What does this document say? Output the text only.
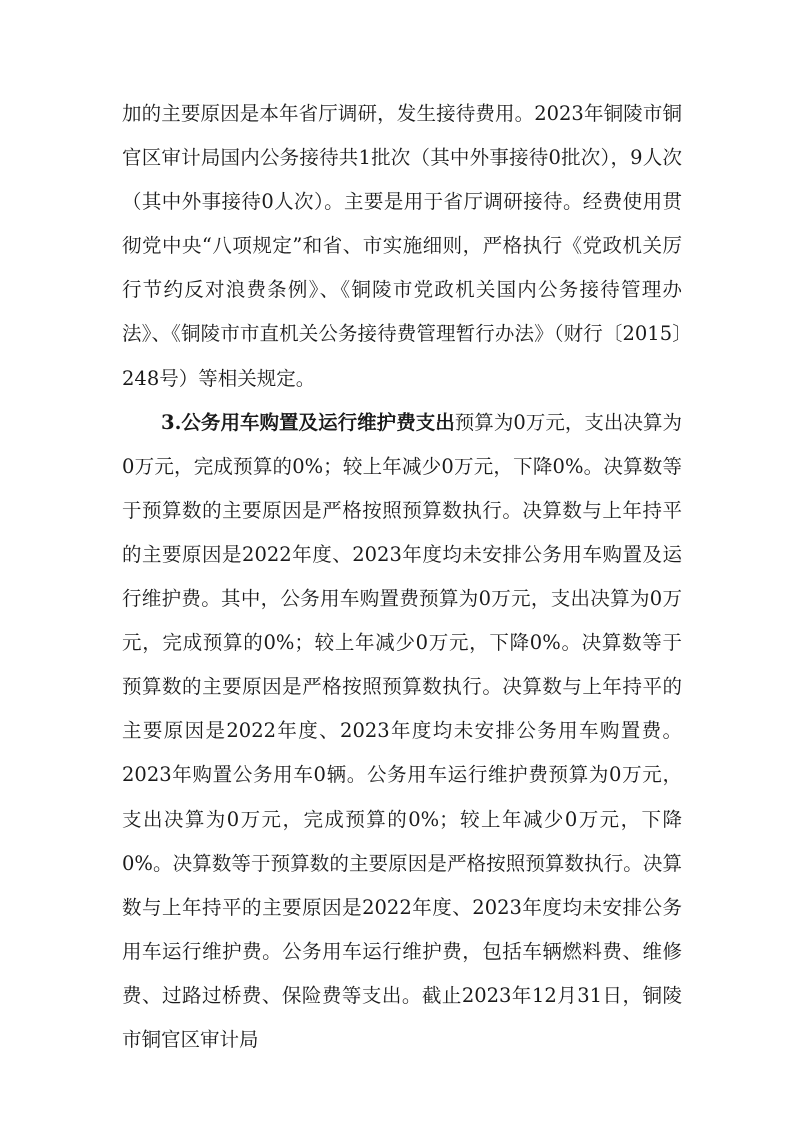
加的主要原因是本年省厅调研，发生接待费用。2023年铜陵市铜官区审计局国内公务接待共1批次（其中外事接待0批次），9人次（其中外事接待0人次）。主要是用于省厅调研接待。经费使用贯彻党中央“八项规定”和省、市实施细则，严格执行《党政机关厉行节约反对浪费条例》、《铜陵市党政机关国内公务接待管理办法》、《铜陵市市直机关公务接待费管理暂行办法》（财行〔2015〕248号）等相关规定。

3.公务用车购置及运行维护费支出预算为0万元，支出决算为0万元，完成预算的0%；较上年减少0万元，下降0%。决算数等于预算数的主要原因是严格按照预算数执行。决算数与上年持平的主要原因是2022年度、2023年度均未安排公务用车购置及运行维护费。其中，公务用车购置费预算为0万元，支出决算为0万元，完成预算的0%；较上年减少0万元，下降0%。决算数等于预算数的主要原因是严格按照预算数执行。决算数与上年持平的主要原因是2022年度、2023年度均未安排公务用车购置费。2023年购置公务用车0辆。公务用车运行维护费预算为0万元，支出决算为0万元，完成预算的0%；较上年减少0万元，下降0%。决算数等于预算数的主要原因是严格按照预算数执行。决算数与上年持平的主要原因是2022年度、2023年度均未安排公务用车运行维护费。公务用车运行维护费，包括车辆燃料费、维修费、过路过桥费、保险费等支出。截止2023年12月31日，铜陵市铜官区审计局
